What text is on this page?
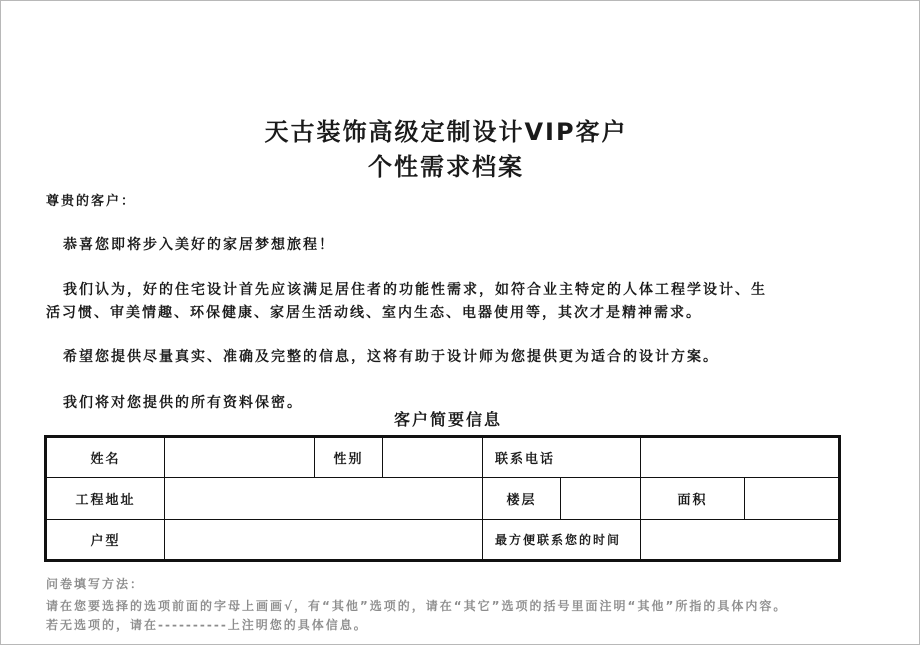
天古装饰高级定制设计VIP客户
个性需求档案
尊贵的客户：
恭喜您即将步入美好的家居梦想旅程！
我们认为，好的住宅设计首先应该满足居住者的功能性需求，如符合业主特定的人体工程学设计、生
活习惯、审美情趣、环保健康、家居生活动线、室内生态、电器使用等，其次才是精神需求。
希望您提供尽量真实、准确及完整的信息，这将有助于设计师为您提供更为适合的设计方案。
我们将对您提供的所有资料保密。
客户简要信息
姓名		性别		联系电话			
工程地址				楼层		面积	
户型				最方便联系您的时间			
问卷填写方法：
请在您要选择的选项前面的字母上画画√，有“其他”选项的，请在“其它”选项的括号里面注明“其他”所指的具体内容。
若无选项的，请在----------上注明您的具体信息。
